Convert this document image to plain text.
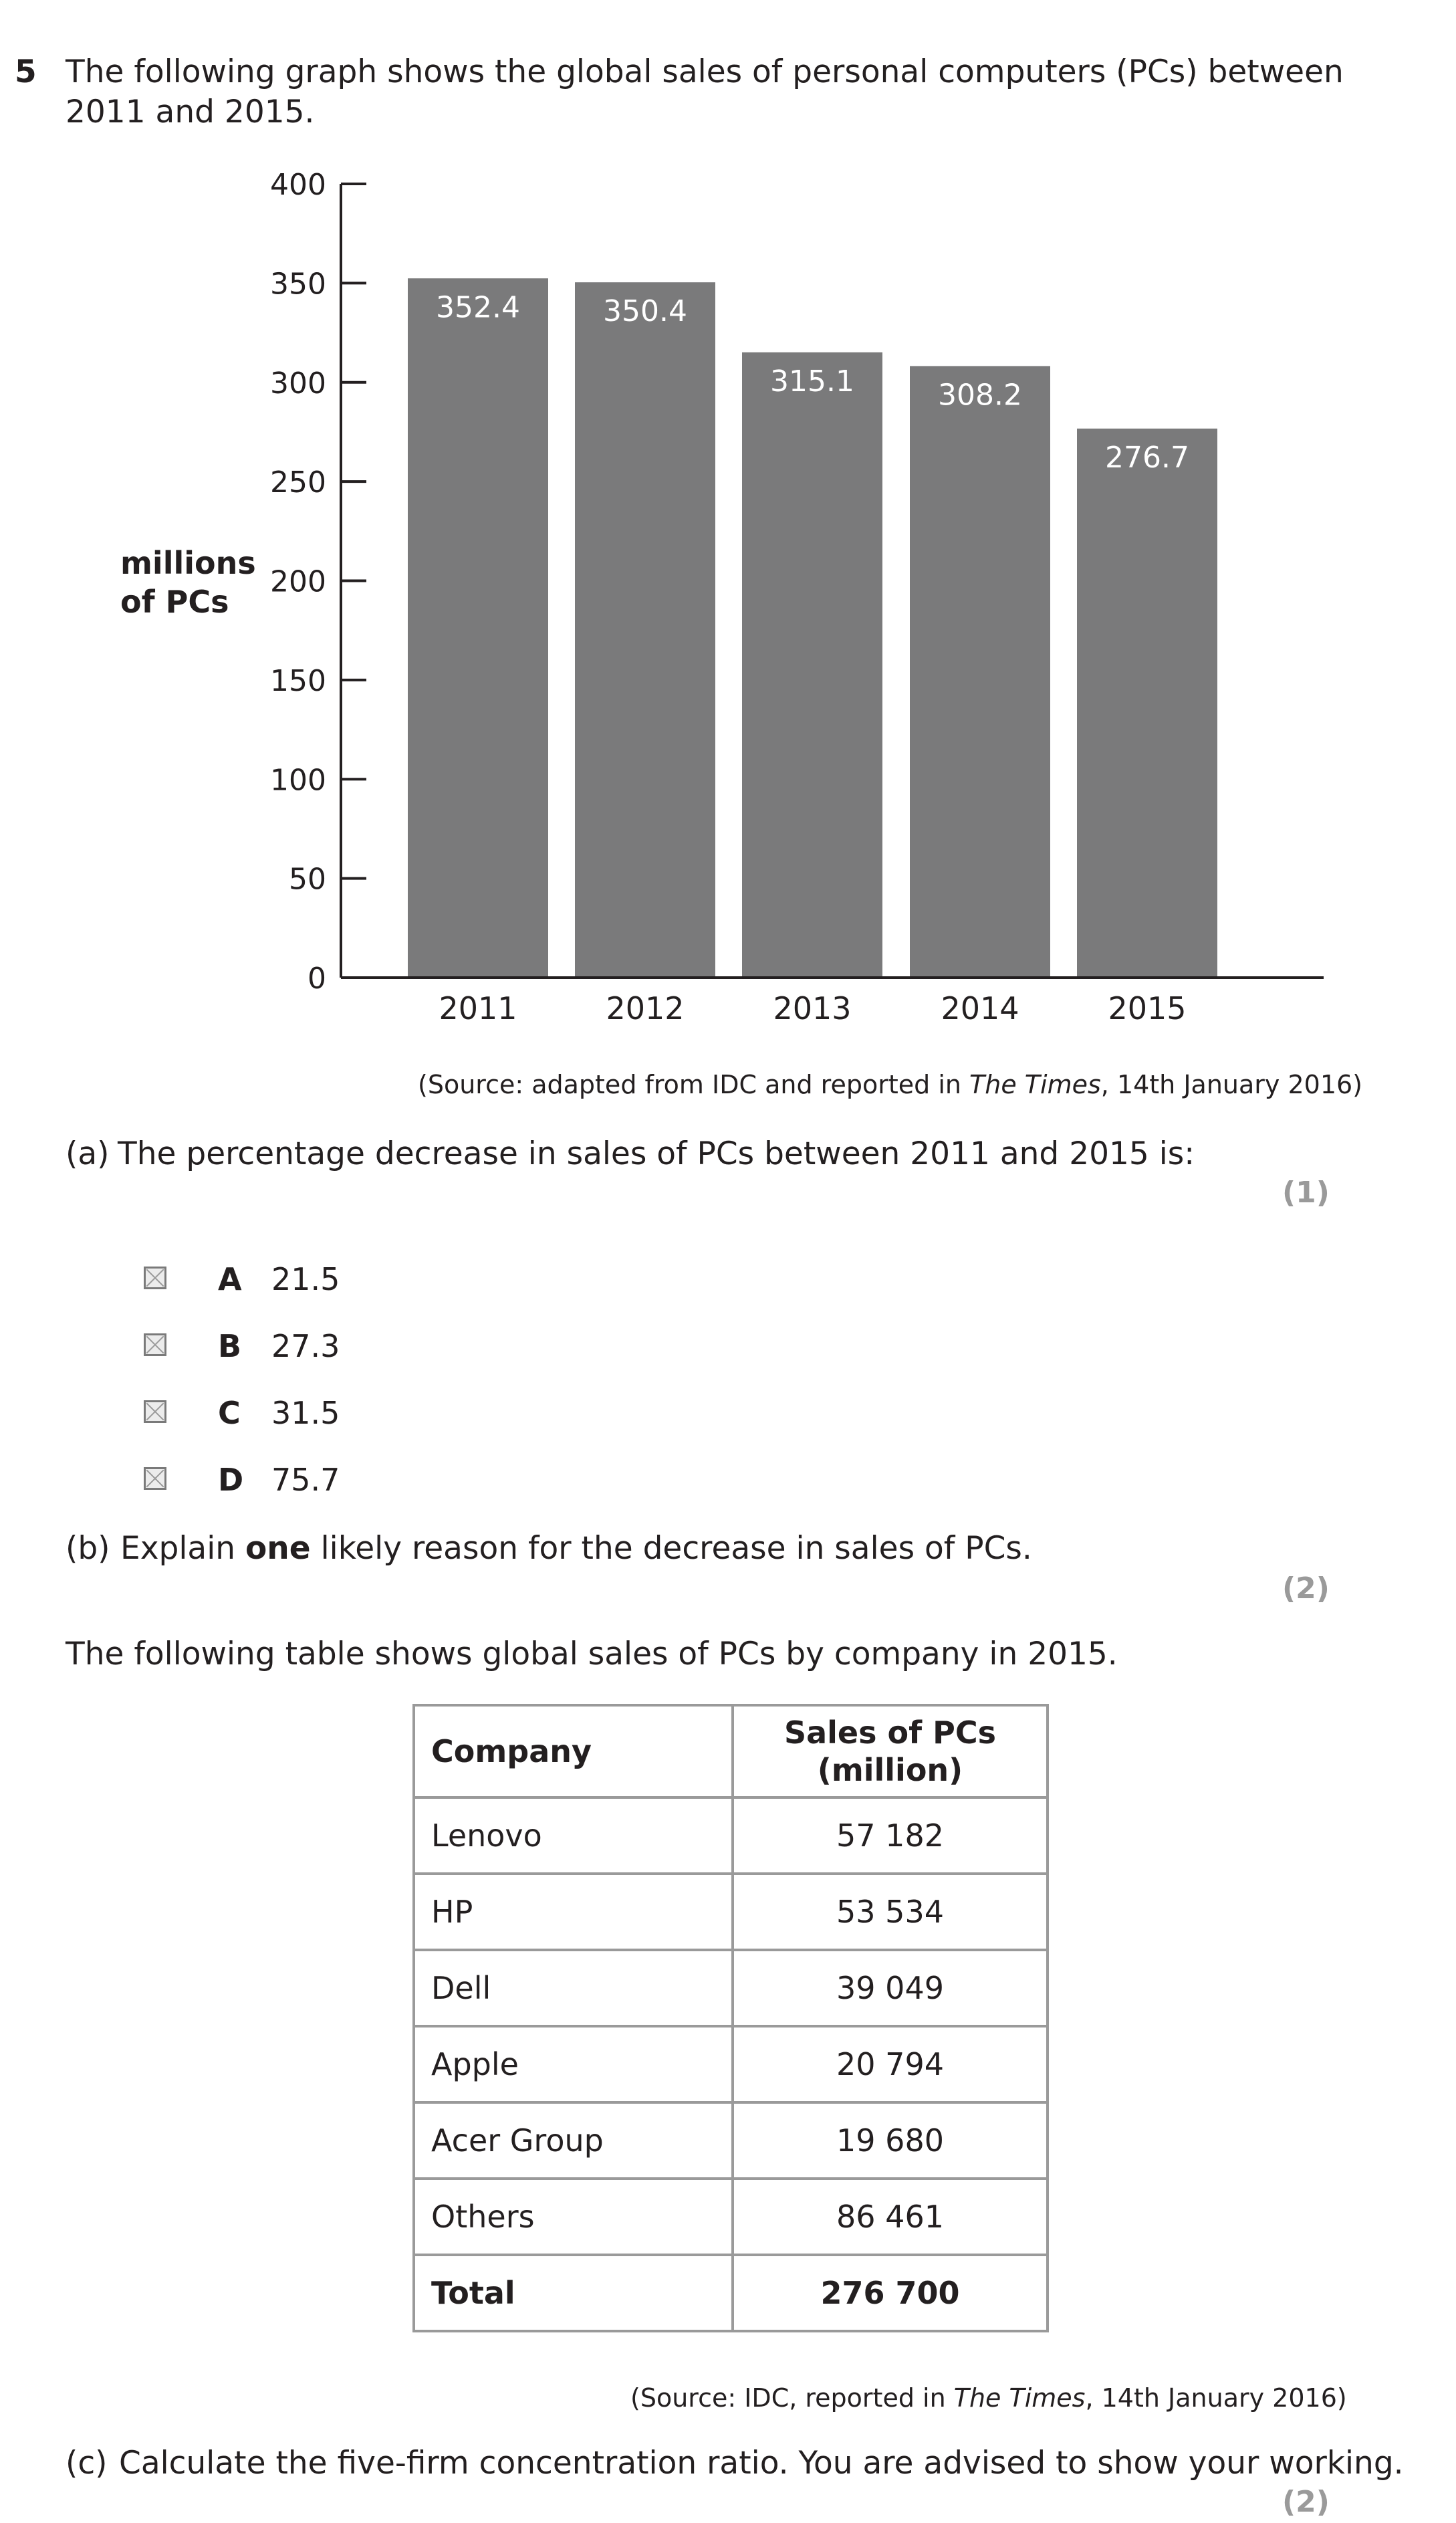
5 The following graph shows the global sales of personal computers (PCs) between
2011 and 2015.
millions
of PCs
352.4	350.4
315.1	308.2
276.7
0
50
100
150
200
250
300
350
400
2011	2012	2013	2014	2015
(Source: adapted from IDC and reported in The Times, 14th January 2016)
(a) The percentage decrease in sales of PCs between 2011 and 2015 is:
(1)
A 21.5
B 27.3
C 31.5
D 75.7
(b) Explain one likely reason for the decrease in sales of PCs.
(2)
The following table shows global sales of PCs by company in 2015.
Company	Sales of PCs
(million)

Lenovo	57 182
HP	53 534
Dell	39 049
Apple	20 794
Acer Group	19 680
Others	86 461
Total	276 700
(Source: IDC, reported in The Times, 14th January 2016)
(c) Calculate the five-firm concentration ratio. You are advised to show your working.
(2)
